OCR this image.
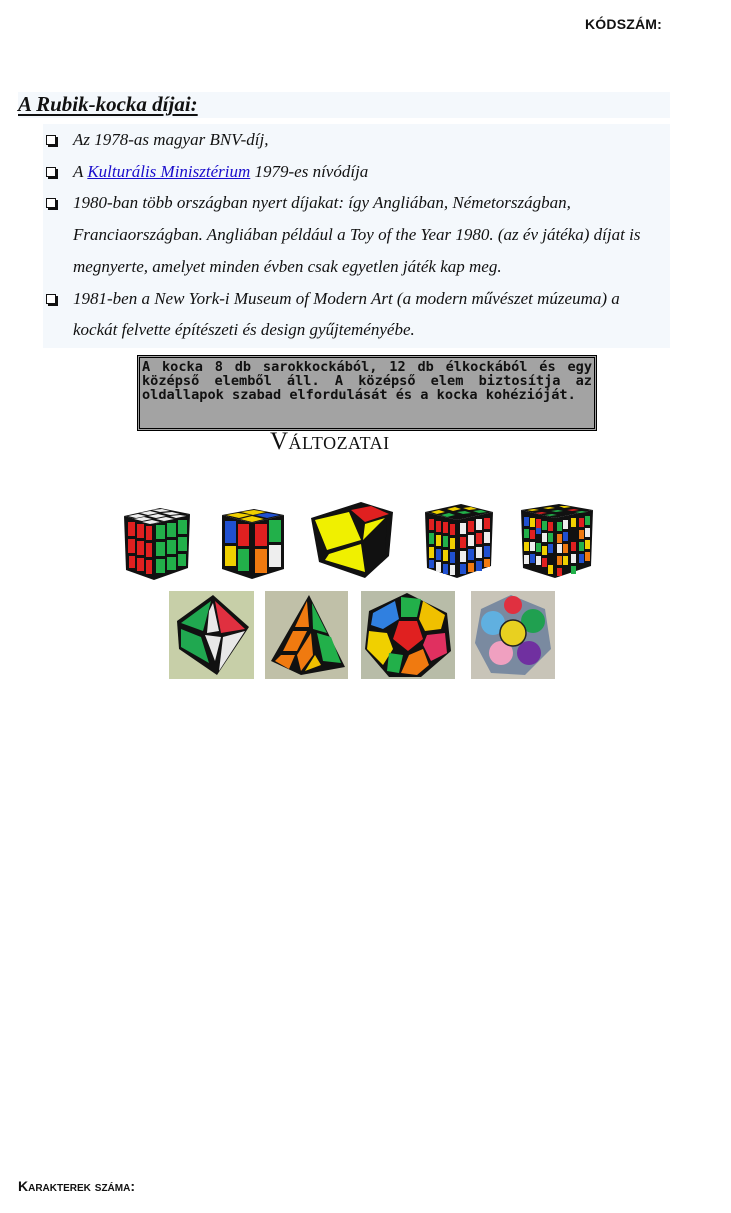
KÓDSZÁM:
A Rubik-kocka díjai:
Az 1978-as magyar BNV-díj,
A Kulturális Minisztérium 1979-es nívódíja
1980-ban több országban nyert díjakat: így Angliában, Németországban, Franciaországban. Angliában például a Toy of the Year 1980. (az év játéka) díjat is megnyerte, amelyet minden évben csak egyetlen játék kap meg.
1981-ben a New York-i Museum of Modern Art (a modern művészet múzeuma) a kockát felvette építészeti és design gyűjteményébe.

A kocka 8 db sarokkockából, 12 db élkockából és egy középső elemből áll. A középső elem biztosítja az oldallapok szabad elfordulását és a kocka kohézióját.

Változatai
Karakterek száma:
